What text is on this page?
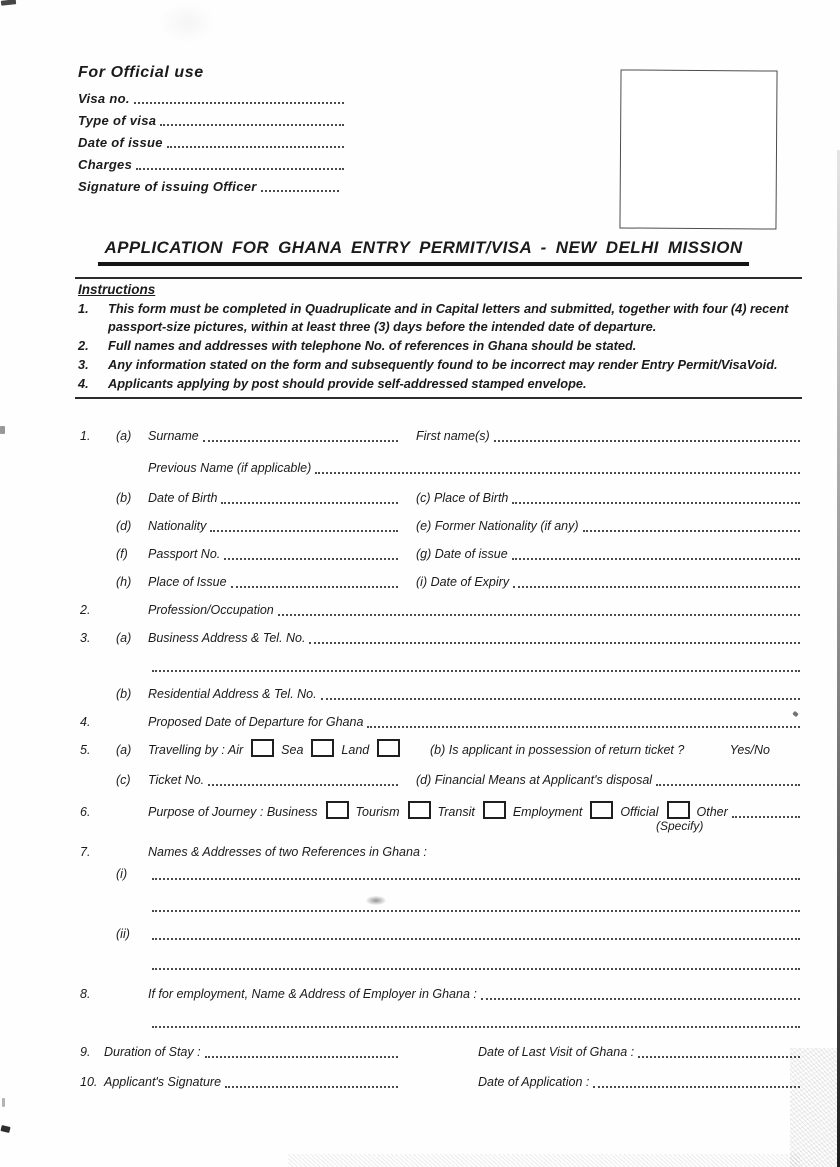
For Official use
Visa no.
Type of visa
Date of issue
Charges
Signature of issuing Officer
APPLICATION FOR GHANA ENTRY PERMIT/VISA - NEW DELHI MISSION
Instructions
1.	This form must be completed in Quadruplicate and in Capital letters and submitted, together with four (4) recent passport-size pictures, within at least three (3) days before the intended date of departure.
2.	Full names and addresses with telephone No. of references in Ghana should be stated.
3.	Any information stated on the form and subsequently found to be incorrect may render Entry Permit/VisaVoid.
4.	Applicants applying by post should provide self-addressed stamped envelope.
1.	(a)	Surname	First name(s)
Previous Name (if applicable)
(b)	Date of Birth	(c) Place of Birth
(d)	Nationality	(e) Former Nationality (if any)
(f)	Passport No.	(g) Date of issue
(h)	Place of Issue	(i) Date of Expiry
2.	Profession/Occupation
3.	(a)	Business Address & Tel. No.
(b)	Residential Address & Tel. No.
4.	Proposed Date of Departure for Ghana
5.	(a)	Travelling by : Air	Sea	Land	(b) Is applicant in possession of return ticket ?	Yes/No
(c)	Ticket No.	(d) Financial Means at Applicant's disposal
6.	Purpose of Journey : Business	Tourism	Transit	Employment	Official	Other
(Specify)
7.	Names & Addresses of two References in Ghana :
(i)
(ii)
8.	If for employment, Name & Address of Employer in Ghana :
9.	Duration of Stay :	Date of Last Visit of Ghana :
10. Applicant's Signature	Date of Application :
